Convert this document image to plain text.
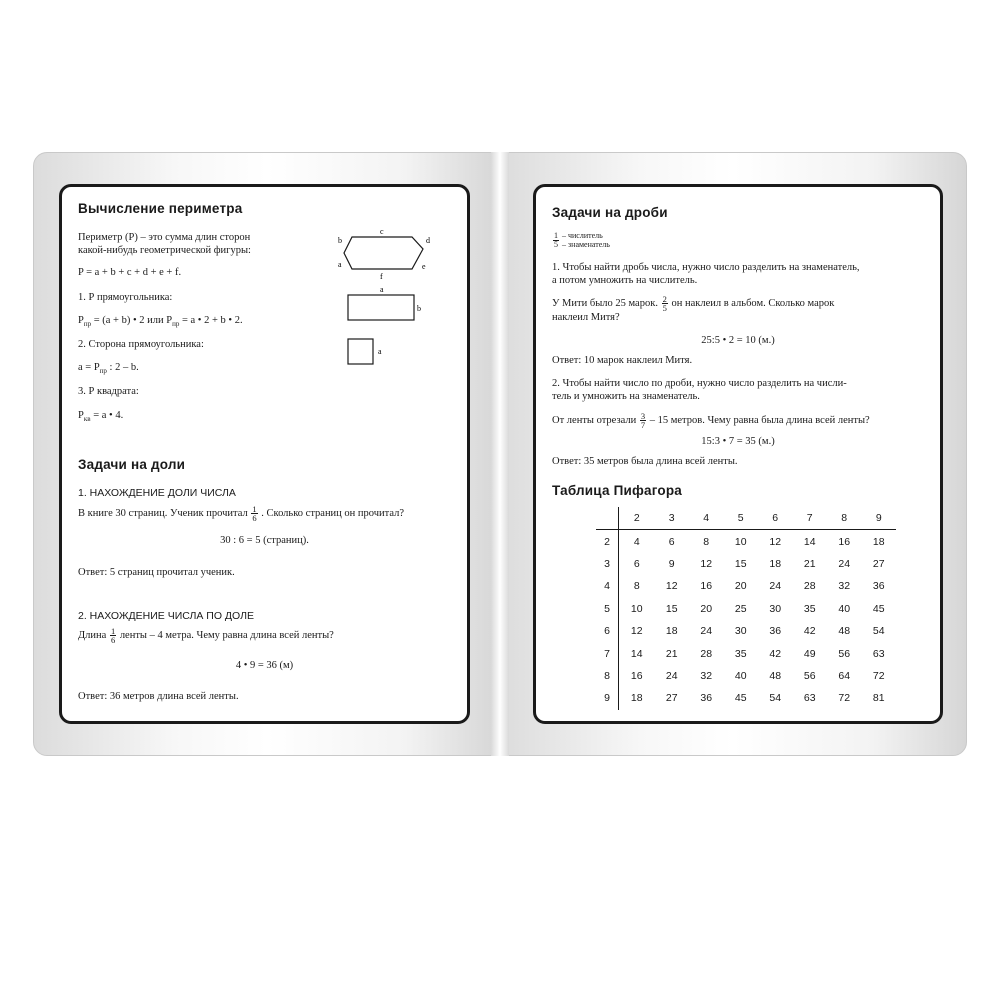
Вычисление периметра
Периметр (Р) – это сумма длин сторон
какой-нибудь геометрической фигуры:
P = a + b + c + d + e + f.
1. Р прямоугольника:
$P_{пр} = (a + b)$ • 2 или $P_{пр} = a$ • 2 + b • 2.
2. Сторона прямоугольника:
$a = P_{пр}$ : 2 – b.
3. Р квадрата:
$P_{кв} = a$ • 4.
b
c
d
a
f
e
a
b
a
Задачи на доли
1. НАХОЖДЕНИЕ ДОЛИ ЧИСЛА
В книге 30 страниц. Ученик прочитал $\frac{1}{6}$ . Сколько страниц он прочитал?
30 : 6 = 5 (страниц).
Ответ: 5 страниц прочитал ученик.
2. НАХОЖДЕНИЕ ЧИСЛА ПО ДОЛЕ
Длина $\frac{1}{6}$ ленты – 4 метра. Чему равна длина всей ленты?
4 • 9 = 36 (м)
Ответ: 36 метров длина всей ленты.
Задачи на дроби
$\frac{1}{5}$
– числитель
– знаменатель
1. Чтобы найти дробь числа, нужно число разделить на знаменатель,
а потом умножить на числитель.
У Мити было 25 марок. $\frac{2}{5}$ он наклеил в альбом. Сколько марок
наклеил Митя?
25:5 • 2 = 10 (м.)
Ответ: 10 марок наклеил Митя.
2. Чтобы найти число по дроби, нужно число разделить на числи-
тель и умножить на знаменатель.
От ленты отрезали $\frac{3}{7} - 15$ метров. Чему равна была длина всей ленты?
15:3 • 7 = 35 (м.)
Ответ: 35 метров была длина всей ленты.
Таблица Пифагора
	2	3	4	5	6	7	8	9
2	4	6	8	10	12	14	16	18
3	6	9	12	15	18	21	24	27
4	8	12	16	20	24	28	32	36
5	10	15	20	25	30	35	40	45
6	12	18	24	30	36	42	48	54
7	14	21	28	35	42	49	56	63
8	16	24	32	40	48	56	64	72
9	18	27	36	45	54	63	72	81
